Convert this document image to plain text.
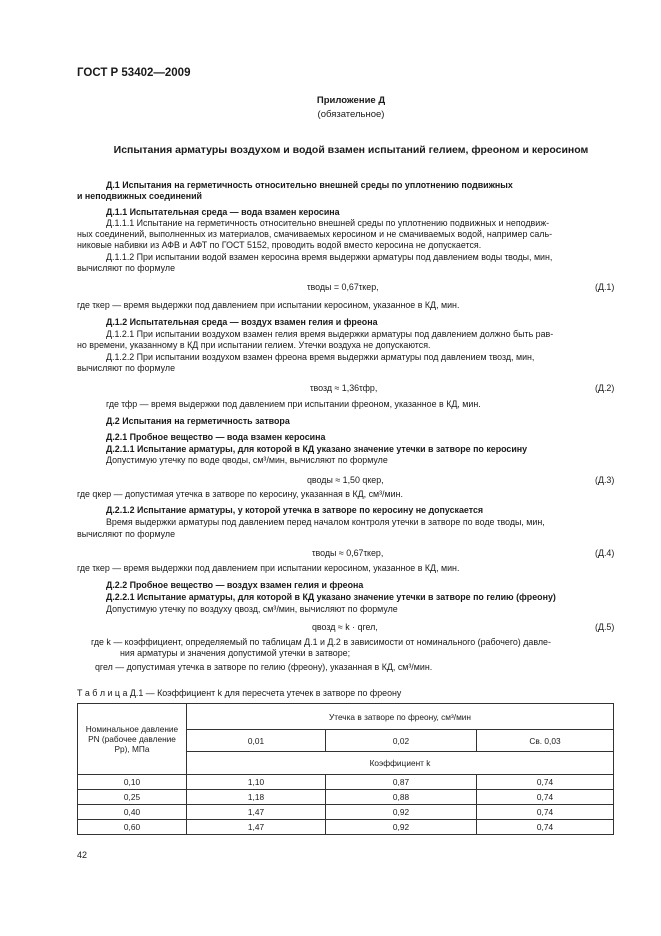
ГОСТ Р 53402—2009
Приложение Д
(обязательное)
Испытания арматуры воздухом и водой взамен испытаний гелием, фреоном и керосином
Д.1 Испытания на герметичность относительно внешней среды по уплотнению подвижных
и неподвижных соединений
Д.1.1 Испытательная среда — вода взамен керосина
Д.1.1.1 Испытание на герметичность относительно внешней среды по уплотнению подвижных и неподвиж-
ных соединений, выполненных из материалов, смачиваемых керосином и не смачиваемых водой, например саль-
никовые набивки из АФВ и АФТ по ГОСТ 5152, проводить водой вместо керосина не допускается.
Д.1.1.2 При испытании водой взамен керосина время выдержки арматуры под давлением воды τводы, мин,
вычисляют по формуле
τводы = 0,67τкер,	(Д.1)
где τкер — время выдержки под давлением при испытании керосином, указанное в КД, мин.
Д.1.2 Испытательная среда — воздух взамен гелия и фреона
Д.1.2.1 При испытании воздухом взамен гелия время выдержки арматуры под давлением должно быть рав-
но времени, указанному в КД при испытании гелием. Утечки воздуха не допускаются.
Д.1.2.2 При испытании воздухом взамен фреона время выдержки арматуры под давлением τвозд, мин,
вычисляют по формуле
τвозд ≈ 1,36τфр,	(Д.2)
где τфр — время выдержки под давлением при испытании фреоном, указанное в КД, мин.
Д.2 Испытания на герметичность затвора
Д.2.1 Пробное вещество — вода взамен керосина
Д.2.1.1 Испытание арматуры, для которой в КД указано значение утечки в затворе по керосину
Допустимую утечку по воде qводы, см³/мин, вычисляют по формуле
qводы ≈ 1,50 qкер,	(Д.3)
где qкер — допустимая утечка в затворе по керосину, указанная в КД, см³/мин.
Д.2.1.2 Испытание арматуры, у которой утечка в затворе по керосину не допускается
Время выдержки арматуры под давлением перед началом контроля утечки в затворе по воде τводы, мин,
вычисляют по формуле
τводы ≈ 0,67τкер,	(Д.4)
где τкер — время выдержки под давлением при испытании керосином, указанное в КД, мин.
Д.2.2 Пробное вещество — воздух взамен гелия и фреона
Д.2.2.1 Испытание арматуры, для которой в КД указано значение утечки в затворе по гелию (фреону)
Допустимую утечку по воздуху qвозд, см³/мин, вычисляют по формуле
qвозд ≈ k · qгел,	(Д.5)
где k — коэффициент, определяемый по таблицам Д.1 и Д.2 в зависимости от номинального (рабочего) давле-
ния арматуры и значения допустимой утечки в затворе;
qгел — допустимая утечка в затворе по гелию (фреону), указанная в КД, см³/мин.
Т а б л и ц а Д.1 — Коэффициент k для пересчета утечек в затворе по фреону
Номинальное давление PN (рабочее давление Pр), МПа	Утечка в затворе по фреону, см³/мин		
	0,01	0,02	Св. 0,03
	Коэффициент k		
0,10	1,10	0,87	0,74
0,25	1,18	0,88	0,74
0,40	1,47	0,92	0,74
0,60	1,47	0,92	0,74
42
